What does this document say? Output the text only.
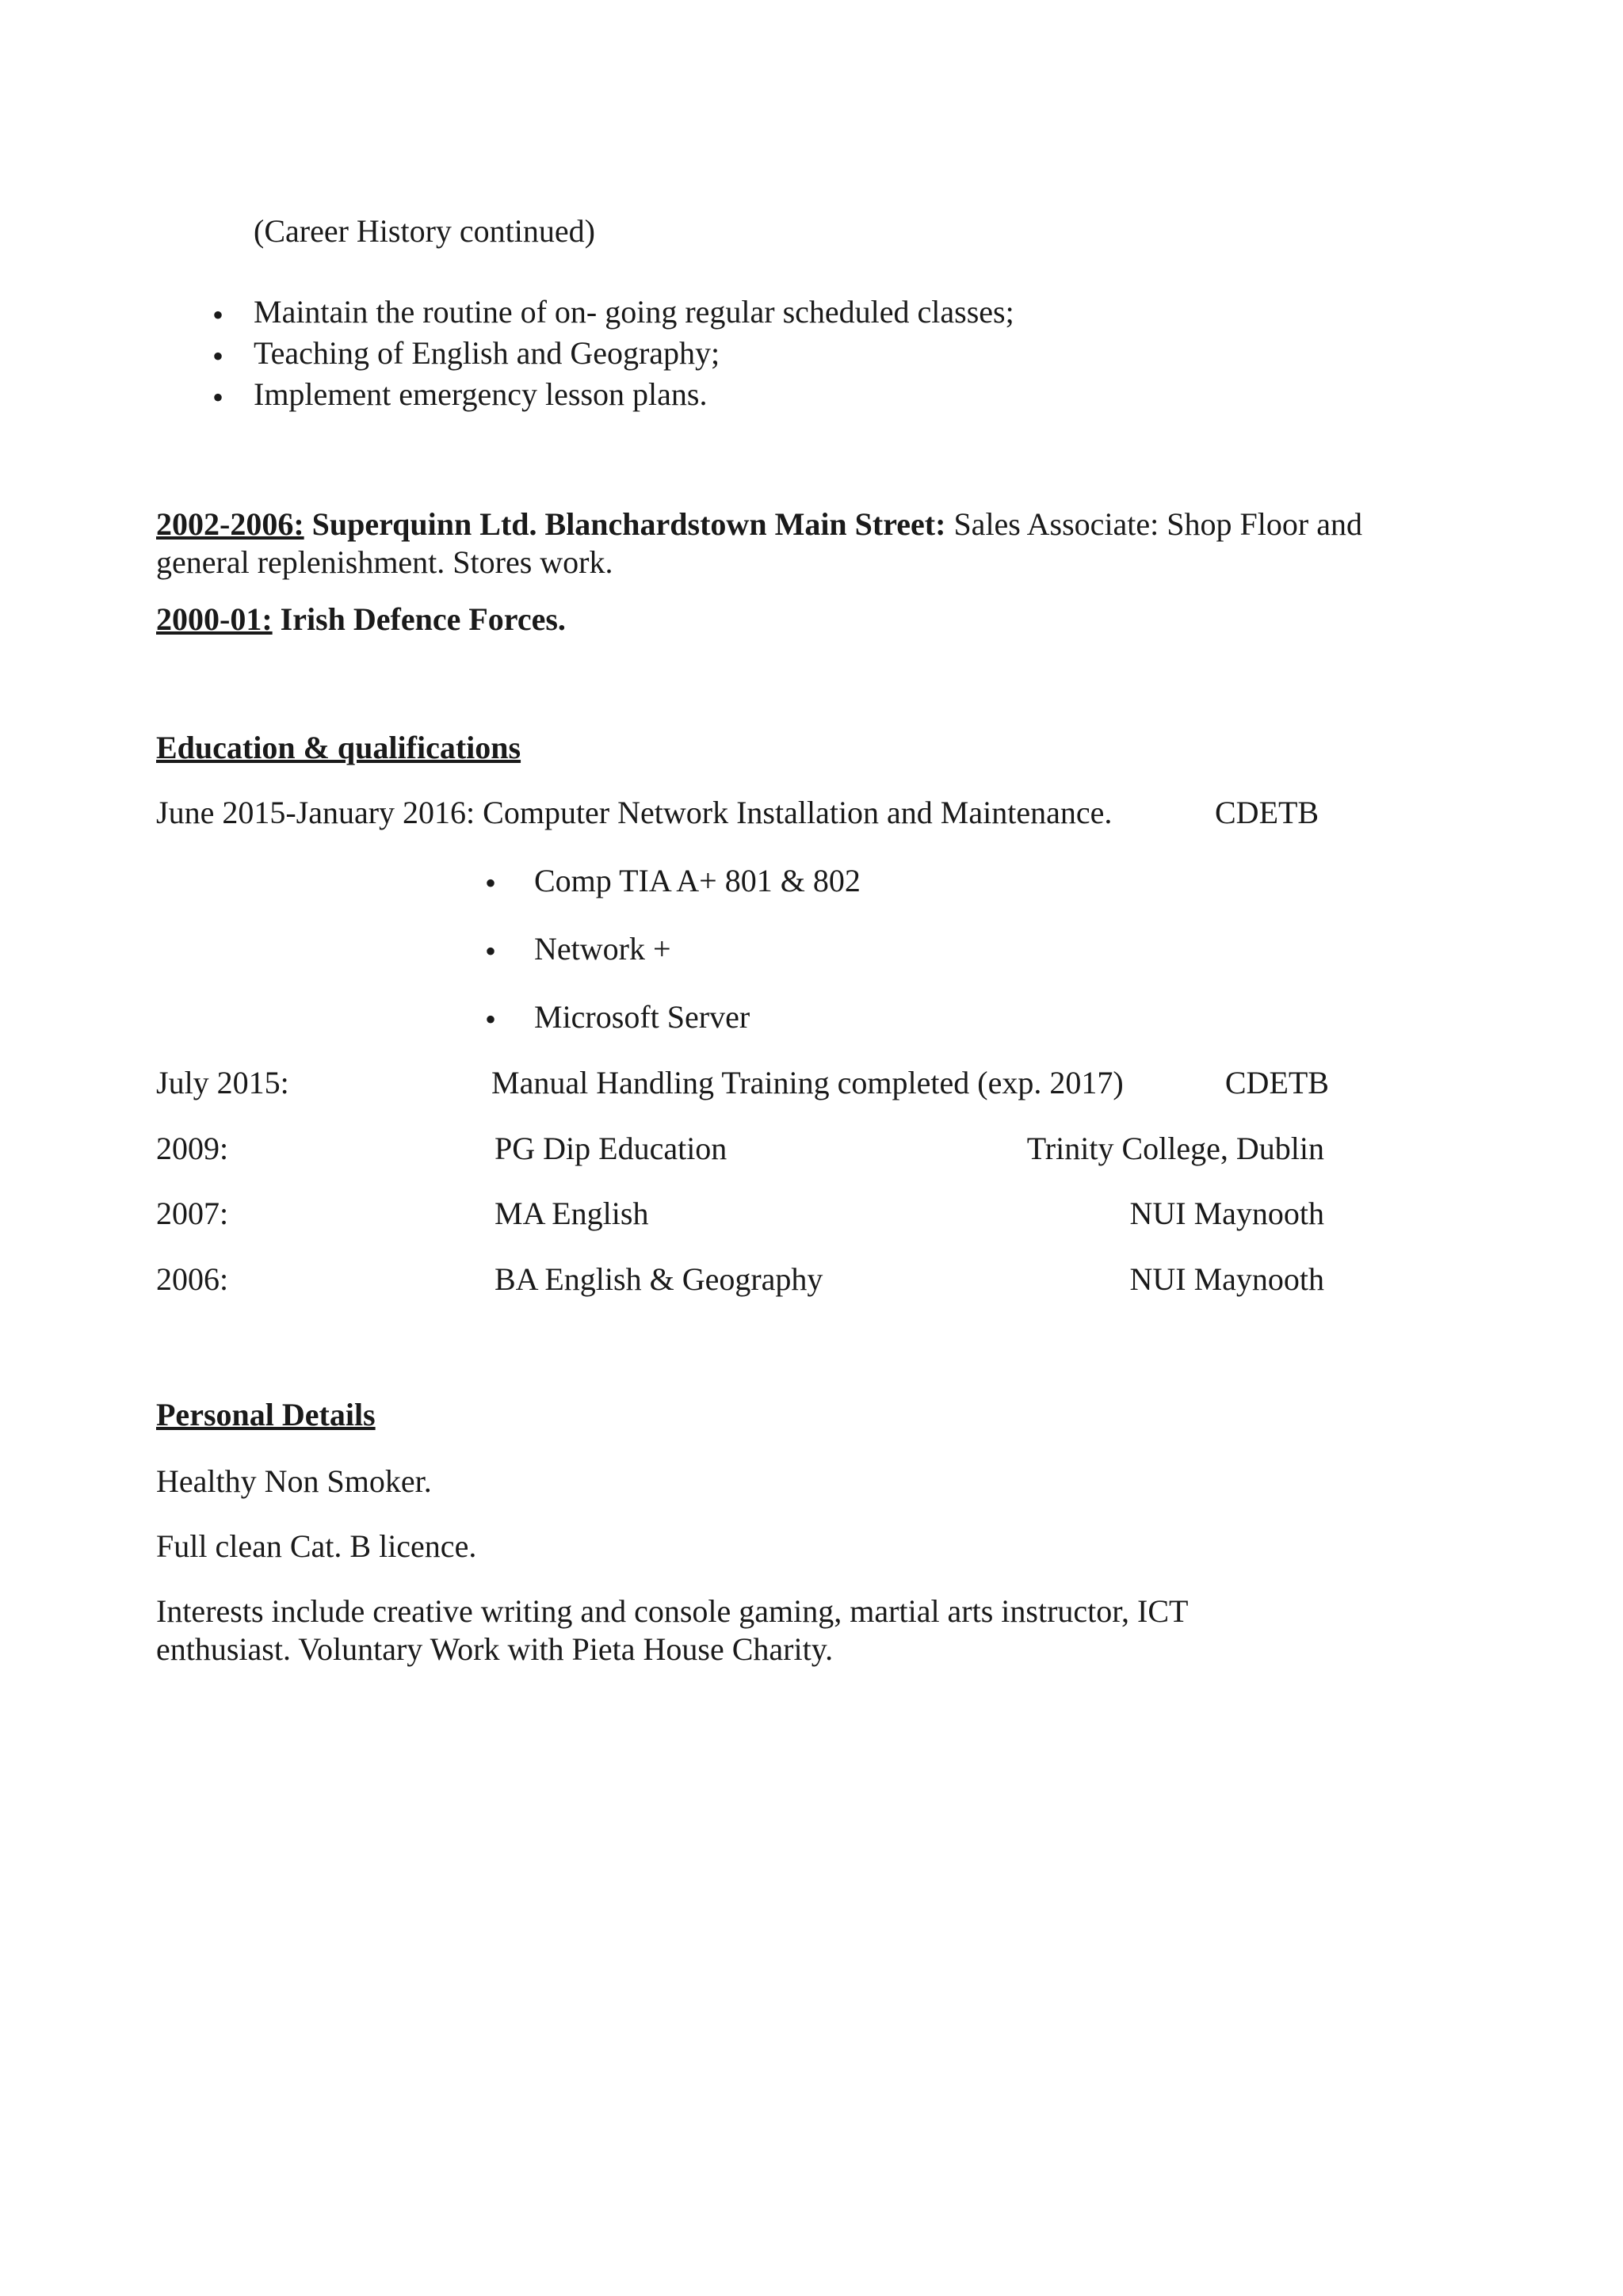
(Career History continued)
• Maintain the routine of on- going regular scheduled classes;
• Teaching of English and Geography;
• Implement emergency lesson plans.
2002-2006: Superquinn Ltd. Blanchardstown Main Street: Sales Associate: Shop Floor and
general replenishment. Stores work.
2000-01: Irish Defence Forces.
Education & qualifications
June 2015-January 2016: Computer Network Installation and Maintenance.	CDETB
• Comp TIA A+ 801 & 802
• Network +
• Microsoft Server
July 2015:	Manual Handling Training completed (exp. 2017)	CDETB
2009:	PG Dip Education	Trinity College, Dublin
2007:	MA English	NUI Maynooth
2006:	BA English & Geography	NUI Maynooth
Personal Details
Healthy Non Smoker.
Full clean Cat. B licence.
Interests include creative writing and console gaming, martial arts instructor, ICT
enthusiast. Voluntary Work with Pieta House Charity.
